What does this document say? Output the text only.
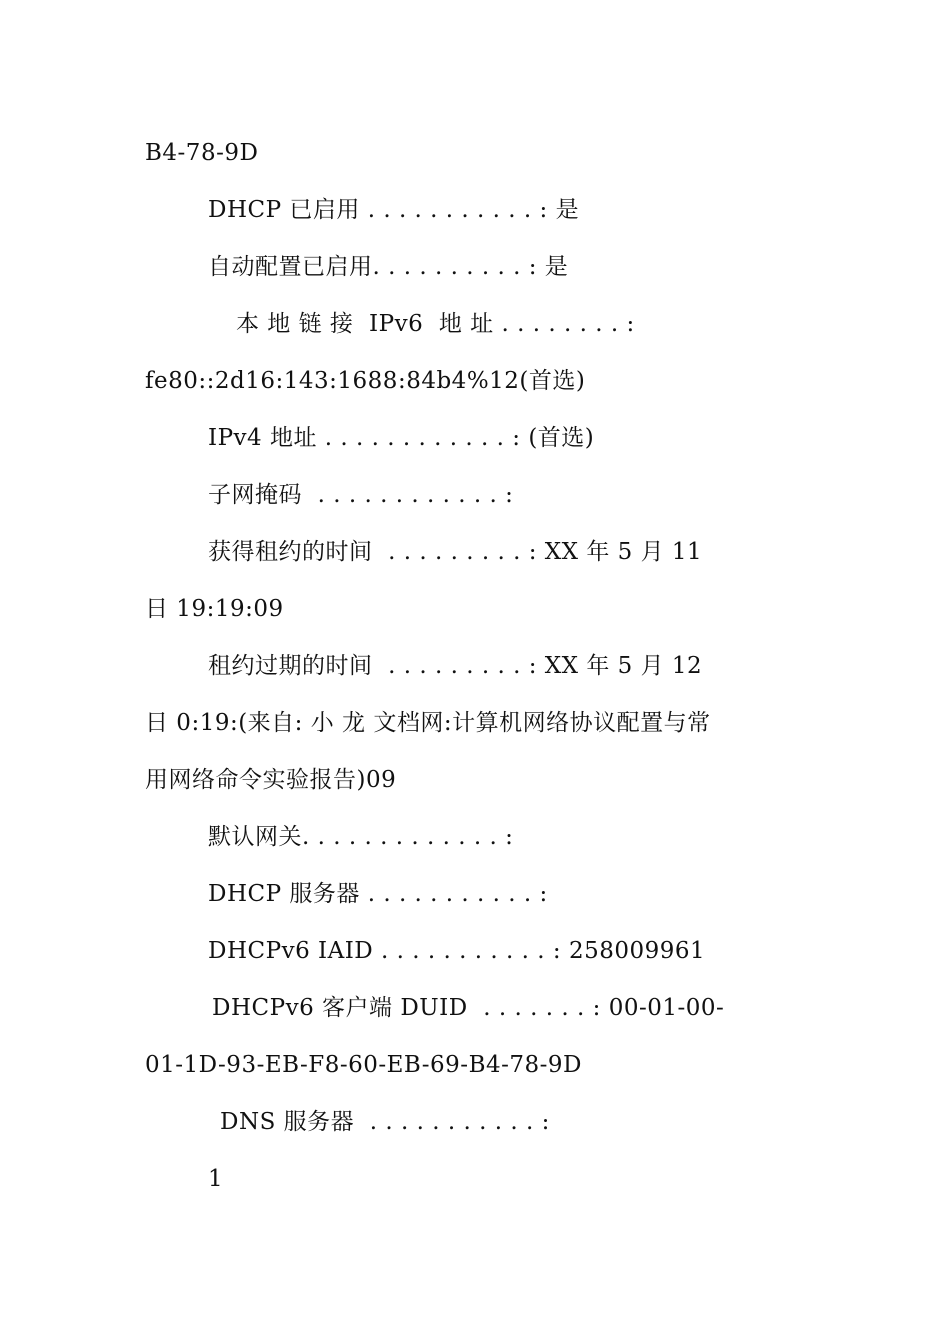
B4-78-9D
DHCP 已启用 . . . . . . . . . . . : 是
自动配置已启用. . . . . . . . . . : 是
本 地 链 接  IPv6  地 址 . . . . . . . . :
fe80::2d16:143:1688:84b4%12(首选)
IPv4 地址 . . . . . . . . . . . . : (首选)
子网掩码  . . . . . . . . . . . . :
获得租约的时间  . . . . . . . . . : XX 年 5 月 11
日 19:19:09
租约过期的时间  . . . . . . . . . : XX 年 5 月 12
日 0:19:(来自: 小 龙 文档网:计算机网络协议配置与常
用网络命令实验报告)09
默认网关. . . . . . . . . . . . . :
DHCP 服务器 . . . . . . . . . . . :
DHCPv6 IAID . . . . . . . . . . . : 258009961
DHCPv6 客户端 DUID  . . . . . . . : 00-01-00-
01-1D-93-EB-F8-60-EB-69-B4-78-9D
DNS 服务器  . . . . . . . . . . . :
1
